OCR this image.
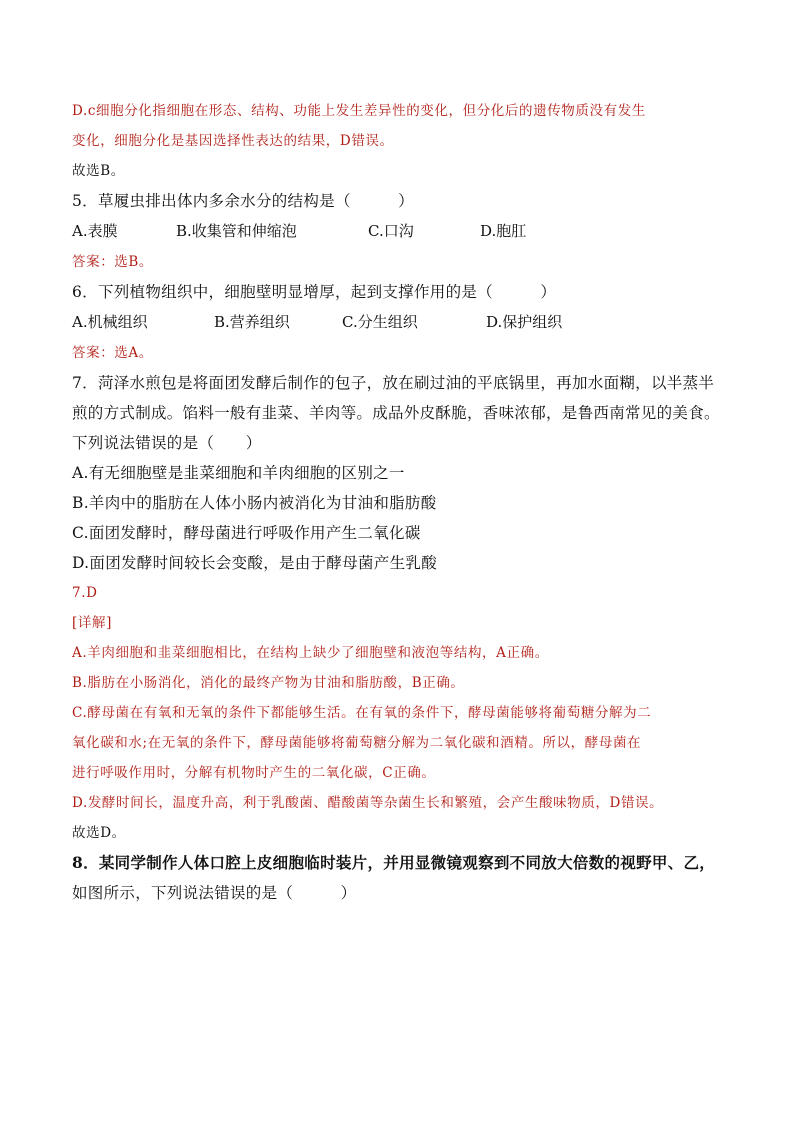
D.c细胞分化指细胞在形态、结构、功能上发生差异性的变化，但分化后的遗传物质没有发生
变化，细胞分化是基因选择性表达的结果，D错误。
故选B。
5．草履虫排出体内多余水分的结构是（　　　）
A.表膜	B.收集管和伸缩泡	C.口沟	D.胞肛
答案：选B。
6．下列植物组织中，细胞壁明显增厚，起到支撑作用的是（　　　）
A.机械组织	B.营养组织	C.分生组织	D.保护组织
答案：选A。
7．菏泽水煎包是将面团发酵后制作的包子，放在刷过油的平底锅里，再加水面糊，以半蒸半
煎的方式制成。馅料一般有韭菜、羊肉等。成品外皮酥脆，香味浓郁，是鲁西南常见的美食。
下列说法错误的是（　　）
A.有无细胞壁是韭菜细胞和羊肉细胞的区别之一
B.羊肉中的脂肪在人体小肠内被消化为甘油和脂肪酸
C.面团发酵时，酵母菌进行呼吸作用产生二氧化碳
D.面团发酵时间较长会变酸，是由于酵母菌产生乳酸
7.D
[详解]
A.羊肉细胞和韭菜细胞相比，在结构上缺少了细胞壁和液泡等结构，A正确。
B.脂肪在小肠消化，消化的最终产物为甘油和脂肪酸，B正确。
C.酵母菌在有氧和无氧的条件下都能够生活。在有氧的条件下，酵母菌能够将葡萄糖分解为二
氧化碳和水;在无氧的条件下，酵母菌能够将葡萄糖分解为二氧化碳和酒精。所以，酵母菌在
进行呼吸作用时，分解有机物时产生的二氧化碳，C正确。
D.发酵时间长，温度升高，利于乳酸菌、醋酸菌等杂菌生长和繁殖，会产生酸味物质，D错误。
故选D。
8．某同学制作人体口腔上皮细胞临时装片，并用显微镜观察到不同放大倍数的视野甲、乙，
如图所示，下列说法错误的是（　　　）
